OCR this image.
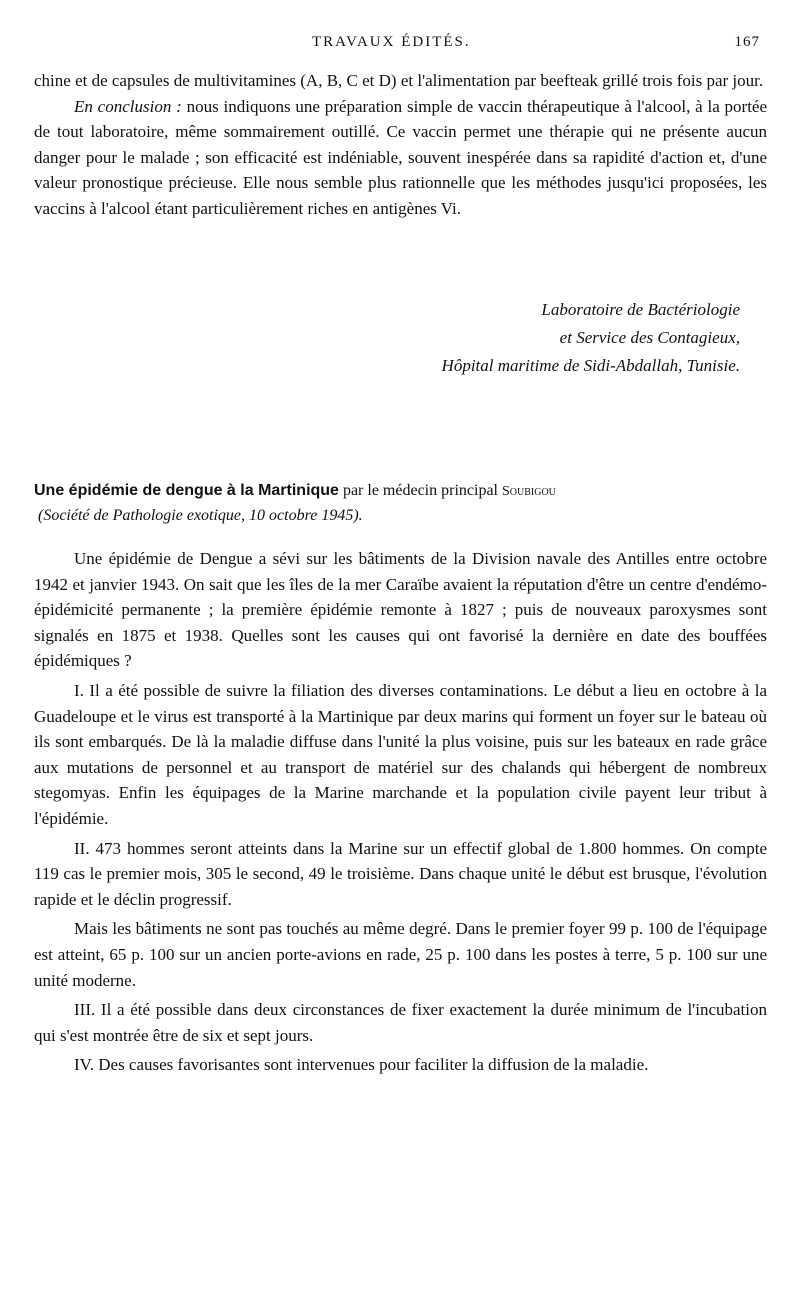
TRAVAUX ÉDITÉS.	167

chine et de capsules de multivitamines (A, B, C et D) et l'alimentation par beefteak grillé trois fois par jour.

En conclusion : nous indiquons une préparation simple de vaccin thérapeutique à l'alcool, à la portée de tout laboratoire, même sommairement outillé. Ce vaccin permet une thérapie qui ne présente aucun danger pour le malade ; son efficacité est indéniable, souvent inespérée dans sa rapidité d'action et, d'une valeur pronostique précieuse. Elle nous semble plus rationnelle que les méthodes jusqu'ici proposées, les vaccins à l'alcool étant particulièrement riches en antigènes Vi.

Laboratoire de Bactériologie
et Service des Contagieux,
Hôpital maritime de Sidi-Abdallah, Tunisie.
Une épidémie de dengue à la Martinique par le médecin principal Soubigou
(Société de Pathologie exotique, 10 octobre 1945).

Une épidémie de Dengue a sévi sur les bâtiments de la Division navale des Antilles entre octobre 1942 et janvier 1943. On sait que les îles de la mer Caraïbe avaient la réputation d'être un centre d'endémo-épidémicité permanente ; la première épidémie remonte à 1827 ; puis de nouveaux paroxysmes sont signalés en 1875 et 1938. Quelles sont les causes qui ont favorisé la dernière en date des bouffées épidémiques ?

I. Il a été possible de suivre la filiation des diverses contaminations. Le début a lieu en octobre à la Guadeloupe et le virus est transporté à la Martinique par deux marins qui forment un foyer sur le bateau où ils sont embarqués. De là la maladie diffuse dans l'unité la plus voisine, puis sur les bateaux en rade grâce aux mutations de personnel et au transport de matériel sur des chalands qui hébergent de nombreux stegomyas. Enfin les équipages de la Marine marchande et la population civile payent leur tribut à l'épidémie.

II. 473 hommes seront atteints dans la Marine sur un effectif global de 1.800 hommes. On compte 119 cas le premier mois, 305 le second, 49 le troisième. Dans chaque unité le début est brusque, l'évolution rapide et le déclin progressif.

Mais les bâtiments ne sont pas touchés au même degré. Dans le premier foyer 99 p. 100 de l'équipage est atteint, 65 p. 100 sur un ancien porte-avions en rade, 25 p. 100 dans les postes à terre, 5 p. 100 sur une unité moderne.

III. Il a été possible dans deux circonstances de fixer exactement la durée minimum de l'incubation qui s'est montrée être de six et sept jours.

IV. Des causes favorisantes sont intervenues pour faciliter la diffusion de la maladie.
